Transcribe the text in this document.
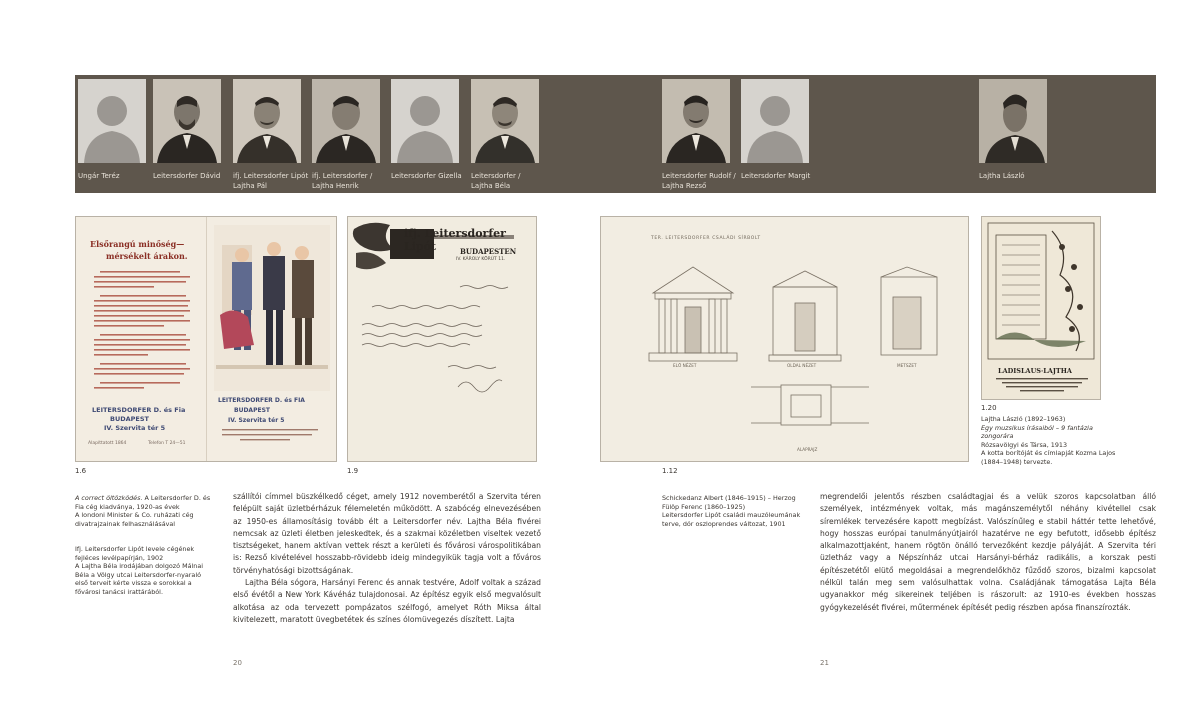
Ungár Teréz	Leitersdorfer Dávid	ifj. Leitersdorfer Lipót
Lajtha Pál
ifj. Leitersdorfer /
Lajtha Henrik
Leitersdorfer Gizella	Leitersdorfer /
Lajtha Béla
Leitersdorfer Rudolf /
Lajtha Rezső
Leitersdorfer Margit	Lajtha László
Elsőrangú minőség—
mérsékelt árakon.
LEITERSDORFER D. és Fia
BUDAPEST
IV. Szervita tér 5
Alapíttatott 1864	Telefon T 24—51
LEITERSDORFER D. és FIA
BUDAPEST
IV. Szervita tér 5
1.6
ifj. Leitersdorfer Lipót	BUDAPESTEN
IV. KÁROLY KÖRÚT 11.
1.9
TER. LEITERSDORFER CSALÁDI SÍRBOLT
ELŐ NÉZET	OLDAL NÉZET	METSZET
ALAPRAJZ
1.12
LADISLAUS·LAJTHA
1.20
Lajtha László (1892–1963)
Egy muzsikus írásaiból – 9 fantázia zongorára
Rózsavölgyi és Társa, 1913
A kotta borítóját és címlapját Kozma Lajos
(1884–1948) tervezte.
A correct öltözködés. A Leitersdorfer D. és Fia cég kiadványa, 1920-as évek
A londoni Minister & Co. ruházati cég divatrajzainak felhasználásával
Ifj. Leitersdorfer Lipót levele cégének fejléces levélpapírján, 1902
A Lajtha Béla irodájában dolgozó Málnai Béla a Völgy utcai Leitersdorfer-nyaraló első terveit kérte vissza e sorokkal a fővárosi tanácsi irattárából.
Schickedanz Albert (1846–1915) – Herzog Fülöp Ferenc (1860–1925)
Leitersdorfer Lipót családi mauzóleumának terve, dór oszloprendes változat, 1901

szállítói címmel büszkélkedő céget, amely 1912 novemberétől a Szervita téren felépült saját üzletbérházuk félemeletén működött. A szabócég elnevezésében az 1950-es államosításig tovább élt a Leitersdorfer név. Lajtha Béla fivérei nemcsak az üzleti életben jeleskedtek, és a szakmai közéletben viseltek vezető tisztségeket, hanem aktívan vettek részt a kerületi és fővárosi várospolitikában is: Rezső kivételével hosszabb-rövidebb ideig mindegyikük tagja volt a főváros törvényhatósági bizottságának.

Lajtha Béla sógora, Harsányi Ferenc és annak testvére, Adolf voltak a század első évétől a New York Kávéház tulajdonosai. Az építész egyik első megvalósult alkotása az oda tervezett pompázatos szélfogó, amelyet Róth Miksa által kivitelezett, maratott üvegbetétek és színes ólomüvegezés díszített. Lajta

megrendelői jelentős részben családtagjai és a velük szoros kapcsolatban álló személyek, intézmények voltak, más magánszemélytől néhány kivétellel csak síremlékek tervezésére kapott megbízást. Valószínűleg e stabil háttér tette lehetővé, hogy hosszas európai tanulmányútjairól hazatérve ne egy befutott, idősebb építész alkalmazottjaként, hanem rögtön önálló tervezőként kezdje pályáját. A Szervita téri üzletház vagy a Népszínház utcai Harsányi-bérház radikális, a korszak pesti építészetétől elütő megoldásai a megrendelőkhöz fűződő szoros, bizalmi kapcsolat nélkül talán meg sem valósulhattak volna. Családjának támogatása Lajta Béla ugyanakkor még sikereinek teljében is rászorult: az 1910-es években hosszas gyógykezelését fivérei, műtermének építését pedig részben apósa finanszírozták.

20	21
